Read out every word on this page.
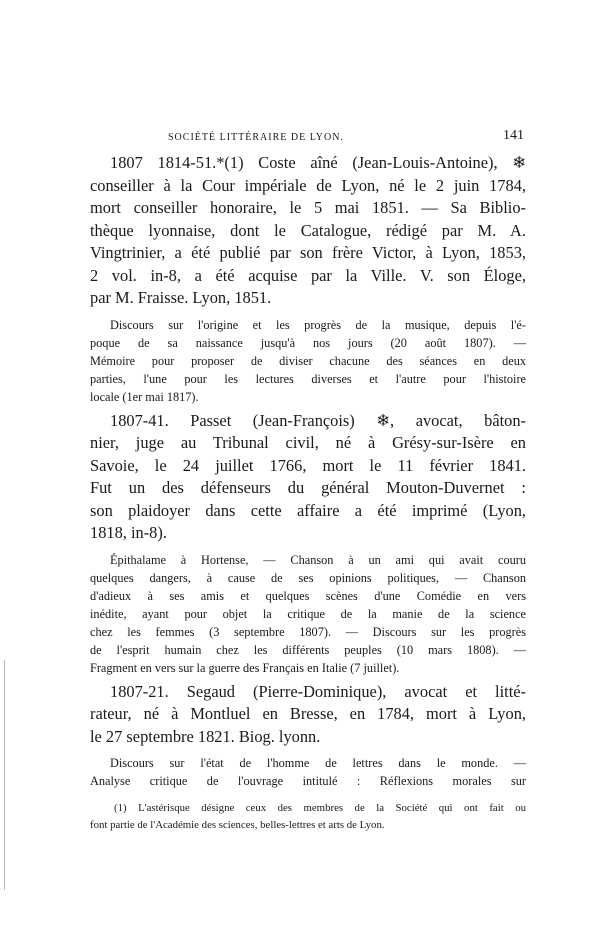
SOCIÉTÉ LITTÉRAIRE DE LYON.	141
1807 1814-51.*(1) Coste aîné (Jean-Louis-Antoine), ❄
conseiller à la Cour impériale de Lyon, né le 2 juin 1784,
mort conseiller honoraire, le 5 mai 1851. — Sa Biblio-
thèque lyonnaise, dont le Catalogue, rédigé par M. A.
Vingtrinier, a été publié par son frère Victor, à Lyon, 1853,
2 vol. in-8, a été acquise par la Ville. V. son Éloge,
par M. Fraisse. Lyon, 1851.
Discours sur l'origine et les progrès de la musique, depuis l'é-
poque de sa naissance jusqu'à nos jours (20 août 1807). —
Mémoire pour proposer de diviser chacune des séances en deux
parties, l'une pour les lectures diverses et l'autre pour l'histoire
locale (1er mai 1817).
1807-41. Passet (Jean-François) ❄, avocat, bâton-
nier, juge au Tribunal civil, né à Grésy-sur-Isère en
Savoie, le 24 juillet 1766, mort le 11 février 1841.
Fut un des défenseurs du général Mouton-Duvernet :
son plaidoyer dans cette affaire a été imprimé (Lyon,
1818, in-8).
Épithalame à Hortense, — Chanson à un ami qui avait couru
quelques dangers, à cause de ses opinions politiques, — Chanson
d'adieux à ses amis et quelques scènes d'une Comédie en vers
inédite, ayant pour objet la critique de la manie de la science
chez les femmes (3 septembre 1807). — Discours sur les progrès
de l'esprit humain chez les différents peuples (10 mars 1808). —
Fragment en vers sur la guerre des Français en Italie (7 juillet).
1807-21. Segaud (Pierre-Dominique), avocat et litté-
rateur, né à Montluel en Bresse, en 1784, mort à Lyon,
le 27 septembre 1821. Biog. lyonn.
Discours sur l'état de l'homme de lettres dans le monde. —
Analyse critique de l'ouvrage intitulé : Réflexions morales sur
(1) L'astérisque désigne ceux des membres de la Société qui ont fait ou
font partie de l'Académie des sciences, belles-lettres et arts de Lyon.
